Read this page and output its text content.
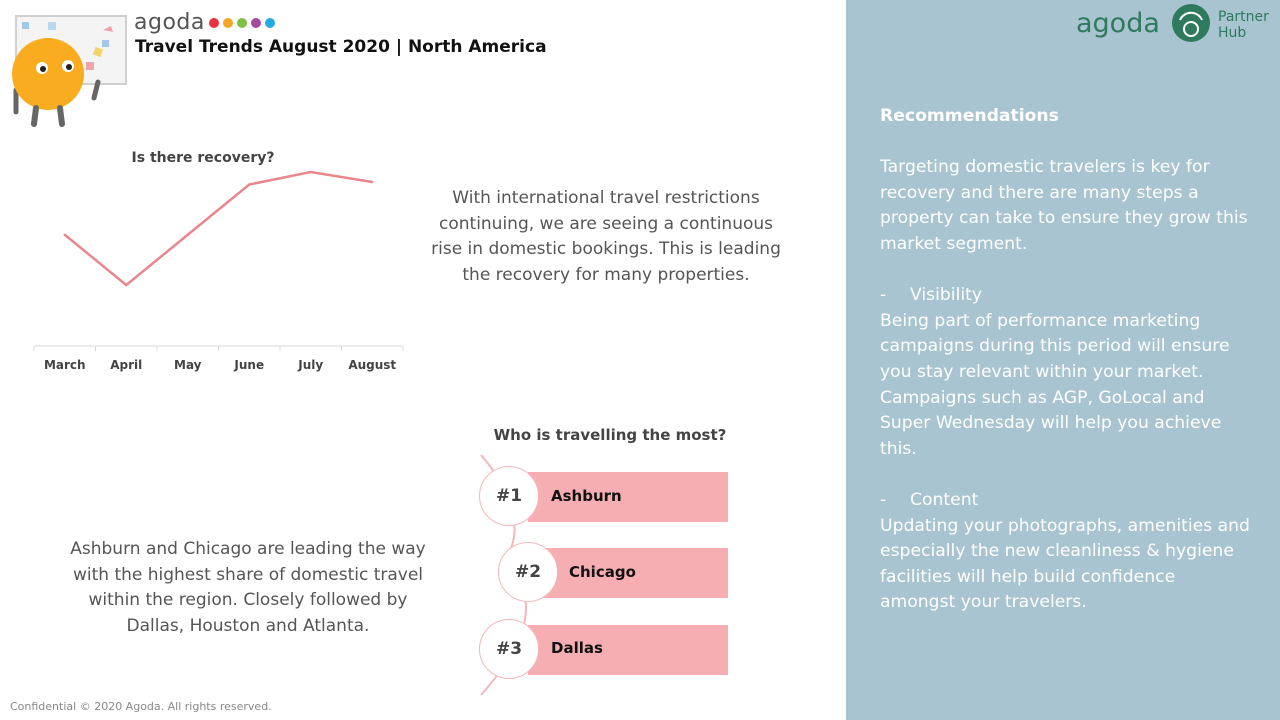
agoda
Travel Trends August 2020 | North America
Is there recovery?
March April	May	June	July August
With international travel restrictions continuing, we are seeing a continuous rise in domestic bookings. This is leading the recovery for many properties.
Ashburn and Chicago are leading the way with the highest share of domestic travel within the region. Closely followed by Dallas, Houston and Atlanta.
Who is travelling the most?
Ashburn
#1
Chicago
#2
Dallas
#3
Confidential © 2020 Agoda. All rights reserved.
agoda	Partner
Hub

Recommendations

Targeting domestic travelers is key for recovery and there are many steps a property can take to ensure they grow this market segment.

-	Visibility

Being part of performance marketing campaigns during this period will ensure you stay relevant within your market. Campaigns such as AGP, GoLocal and Super Wednesday will help you achieve this.

-	Content

Updating your photographs, amenities and especially the new cleanliness & hygiene facilities will help build confidence amongst your travelers.
